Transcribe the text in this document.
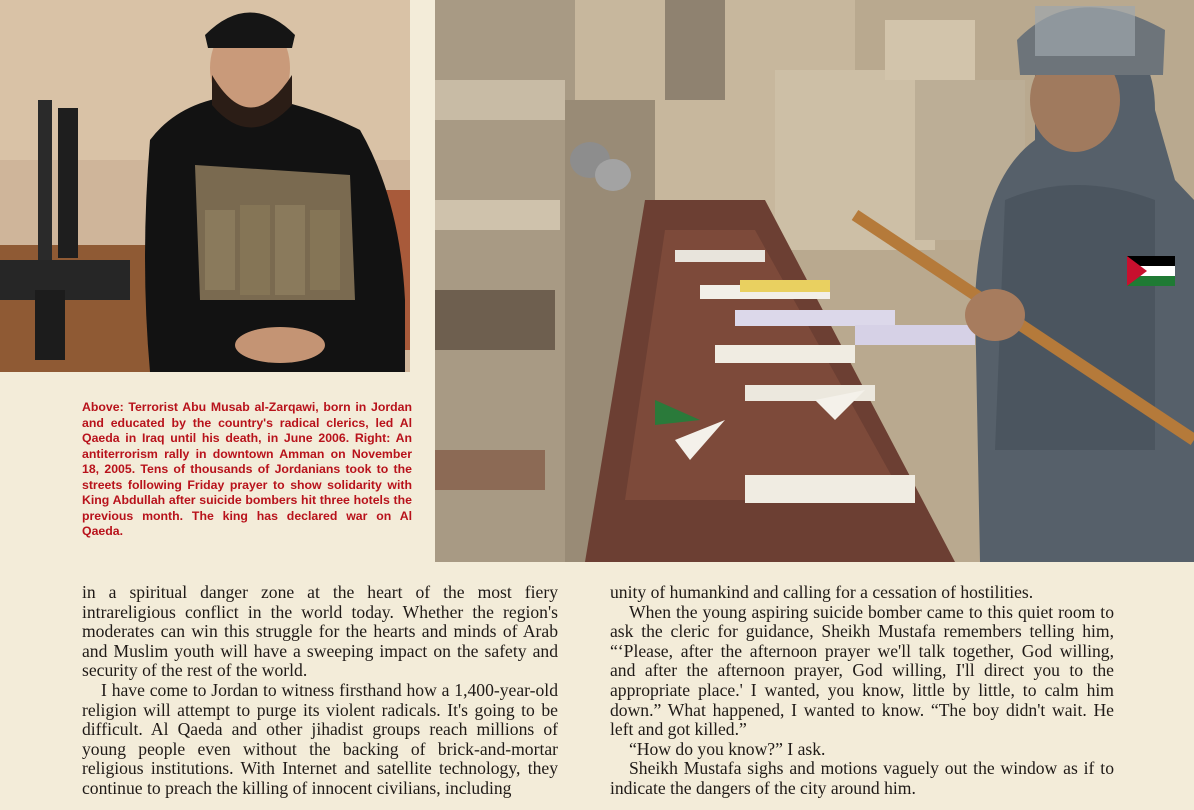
Above: Terrorist Abu Musab al-Zarqawi, born in Jordan and educated by the country's radical clerics, led Al Qaeda in Iraq until his death, in June 2006. Right: An antiterrorism rally in downtown Amman on November 18, 2005. Tens of thousands of Jordanians took to the streets following Friday prayer to show solidarity with King Abdullah after suicide bombers hit three hotels the previous month. The king has declared war on Al Qaeda.

in a spiritual danger zone at the heart of the most fiery intrareligious conflict in the world today. Whether the region's moderates can win this struggle for the hearts and minds of Arab and Muslim youth will have a sweeping impact on the safety and security of the rest of the world.

I have come to Jordan to witness firsthand how a 1,400-year-old religion will attempt to purge its violent radicals. It's going to be difficult. Al Qaeda and other jihadist groups reach millions of young people even without the backing of brick-and-mortar religious institutions. With Internet and satellite technology, they continue to preach the killing of innocent civilians, including

unity of humankind and calling for a cessation of hostilities.

When the young aspiring suicide bomber came to this quiet room to ask the cleric for guidance, Sheikh Mustafa remembers telling him, “‘Please, after the afternoon prayer we'll talk together, God willing, and after the afternoon prayer, God willing, I'll direct you to the appropriate place.' I wanted, you know, little by little, to calm him down.” What happened, I wanted to know. “The boy didn't wait. He left and got killed.”

“How do you know?” I ask.

Sheikh Mustafa sighs and motions vaguely out the window as if to indicate the dangers of the city around him.
